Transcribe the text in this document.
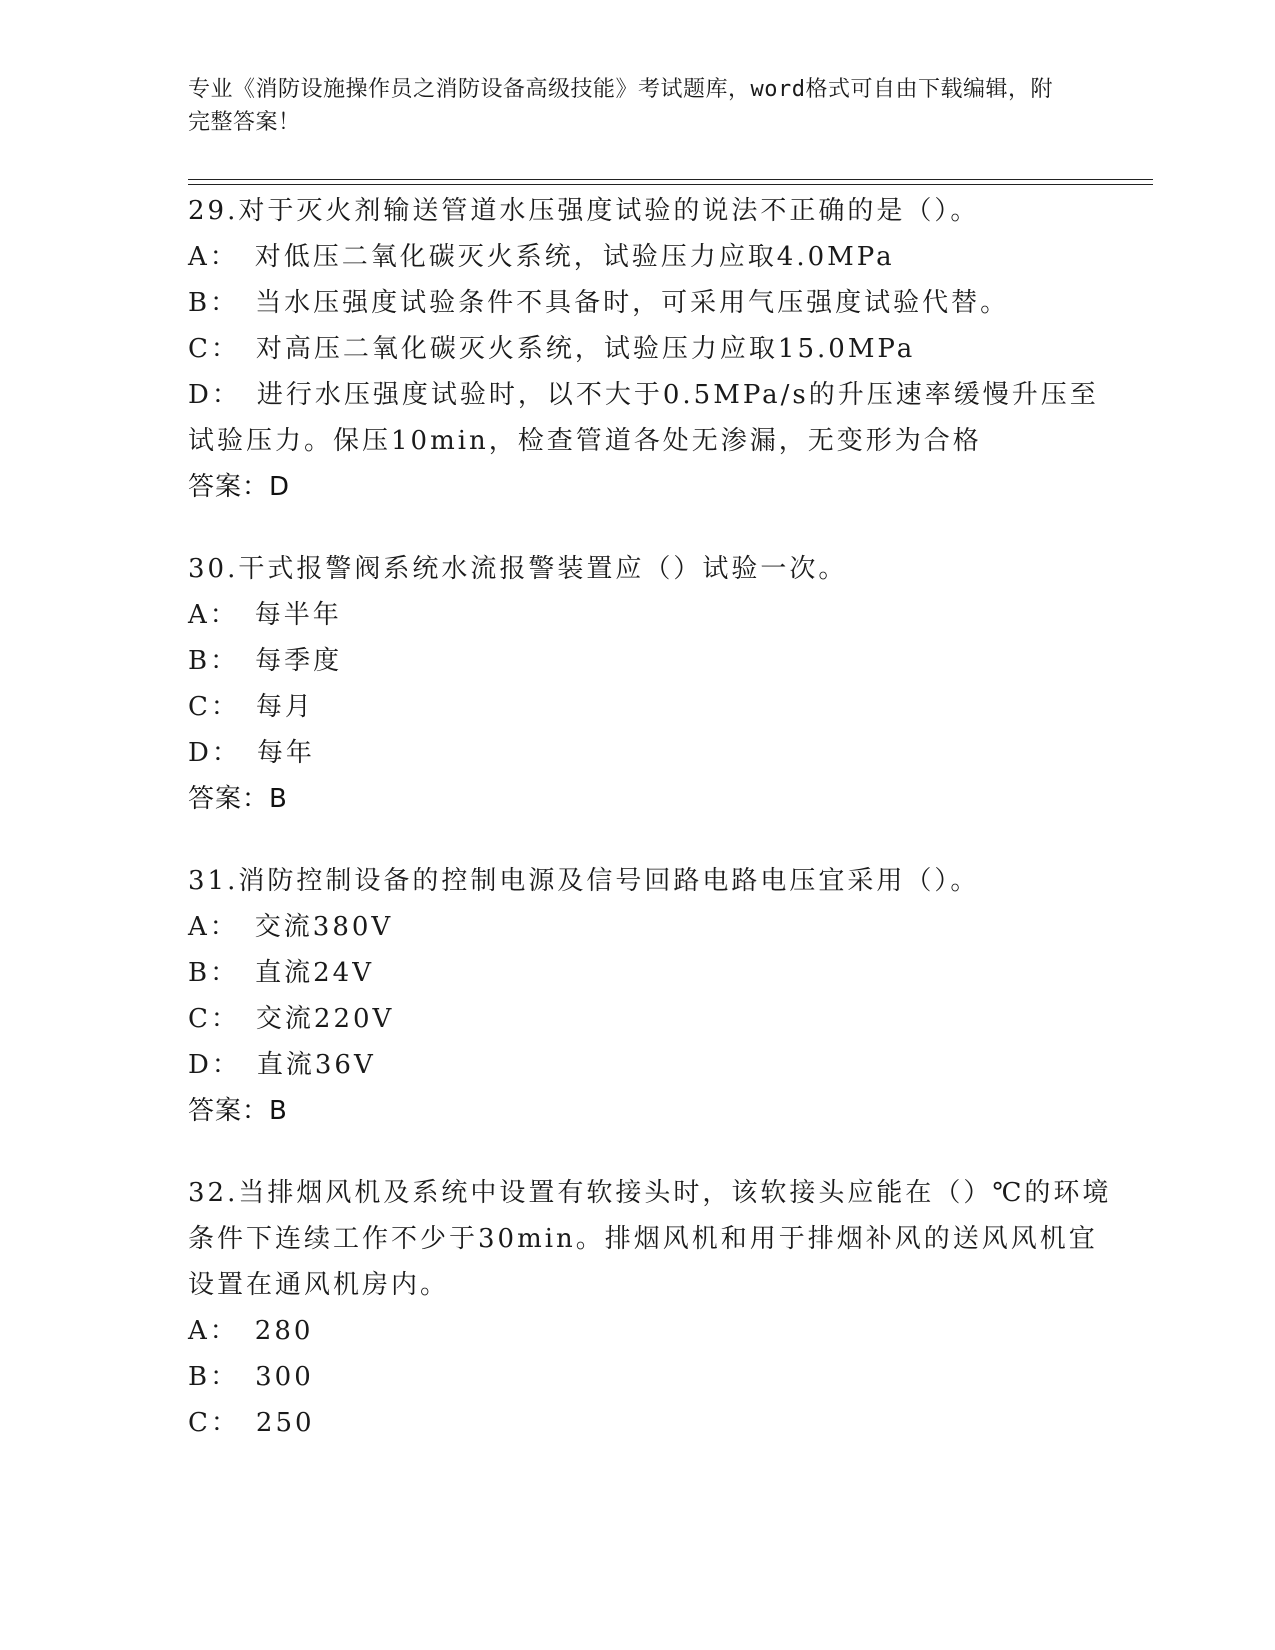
专业《消防设施操作员之消防设备高级技能》考试题库，word格式可自由下载编辑，附完整答案！
29.对于灭火剂输送管道水压强度试验的说法不正确的是（）。
A： 对低压二氧化碳灭火系统，试验压力应取4.0MPa
B： 当水压强度试验条件不具备时，可采用气压强度试验代替。
C： 对高压二氧化碳灭火系统，试验压力应取15.0MPa
D： 进行水压强度试验时，以不大于0.5MPa/s的升压速率缓慢升压至试验压力。保压10min，检查管道各处无渗漏，无变形为合格
答案：D
30.干式报警阀系统水流报警装置应（）试验一次。
A： 每半年
B： 每季度
C： 每月
D： 每年
答案：B
31.消防控制设备的控制电源及信号回路电路电压宜采用（）。
A： 交流380V
B： 直流24V
C： 交流220V
D： 直流36V
答案：B
32.当排烟风机及系统中设置有软接头时，该软接头应能在（）℃的环境条件下连续工作不少于30min。排烟风机和用于排烟补风的送风风机宜设置在通风机房内。
A： 280
B： 300
C： 250
